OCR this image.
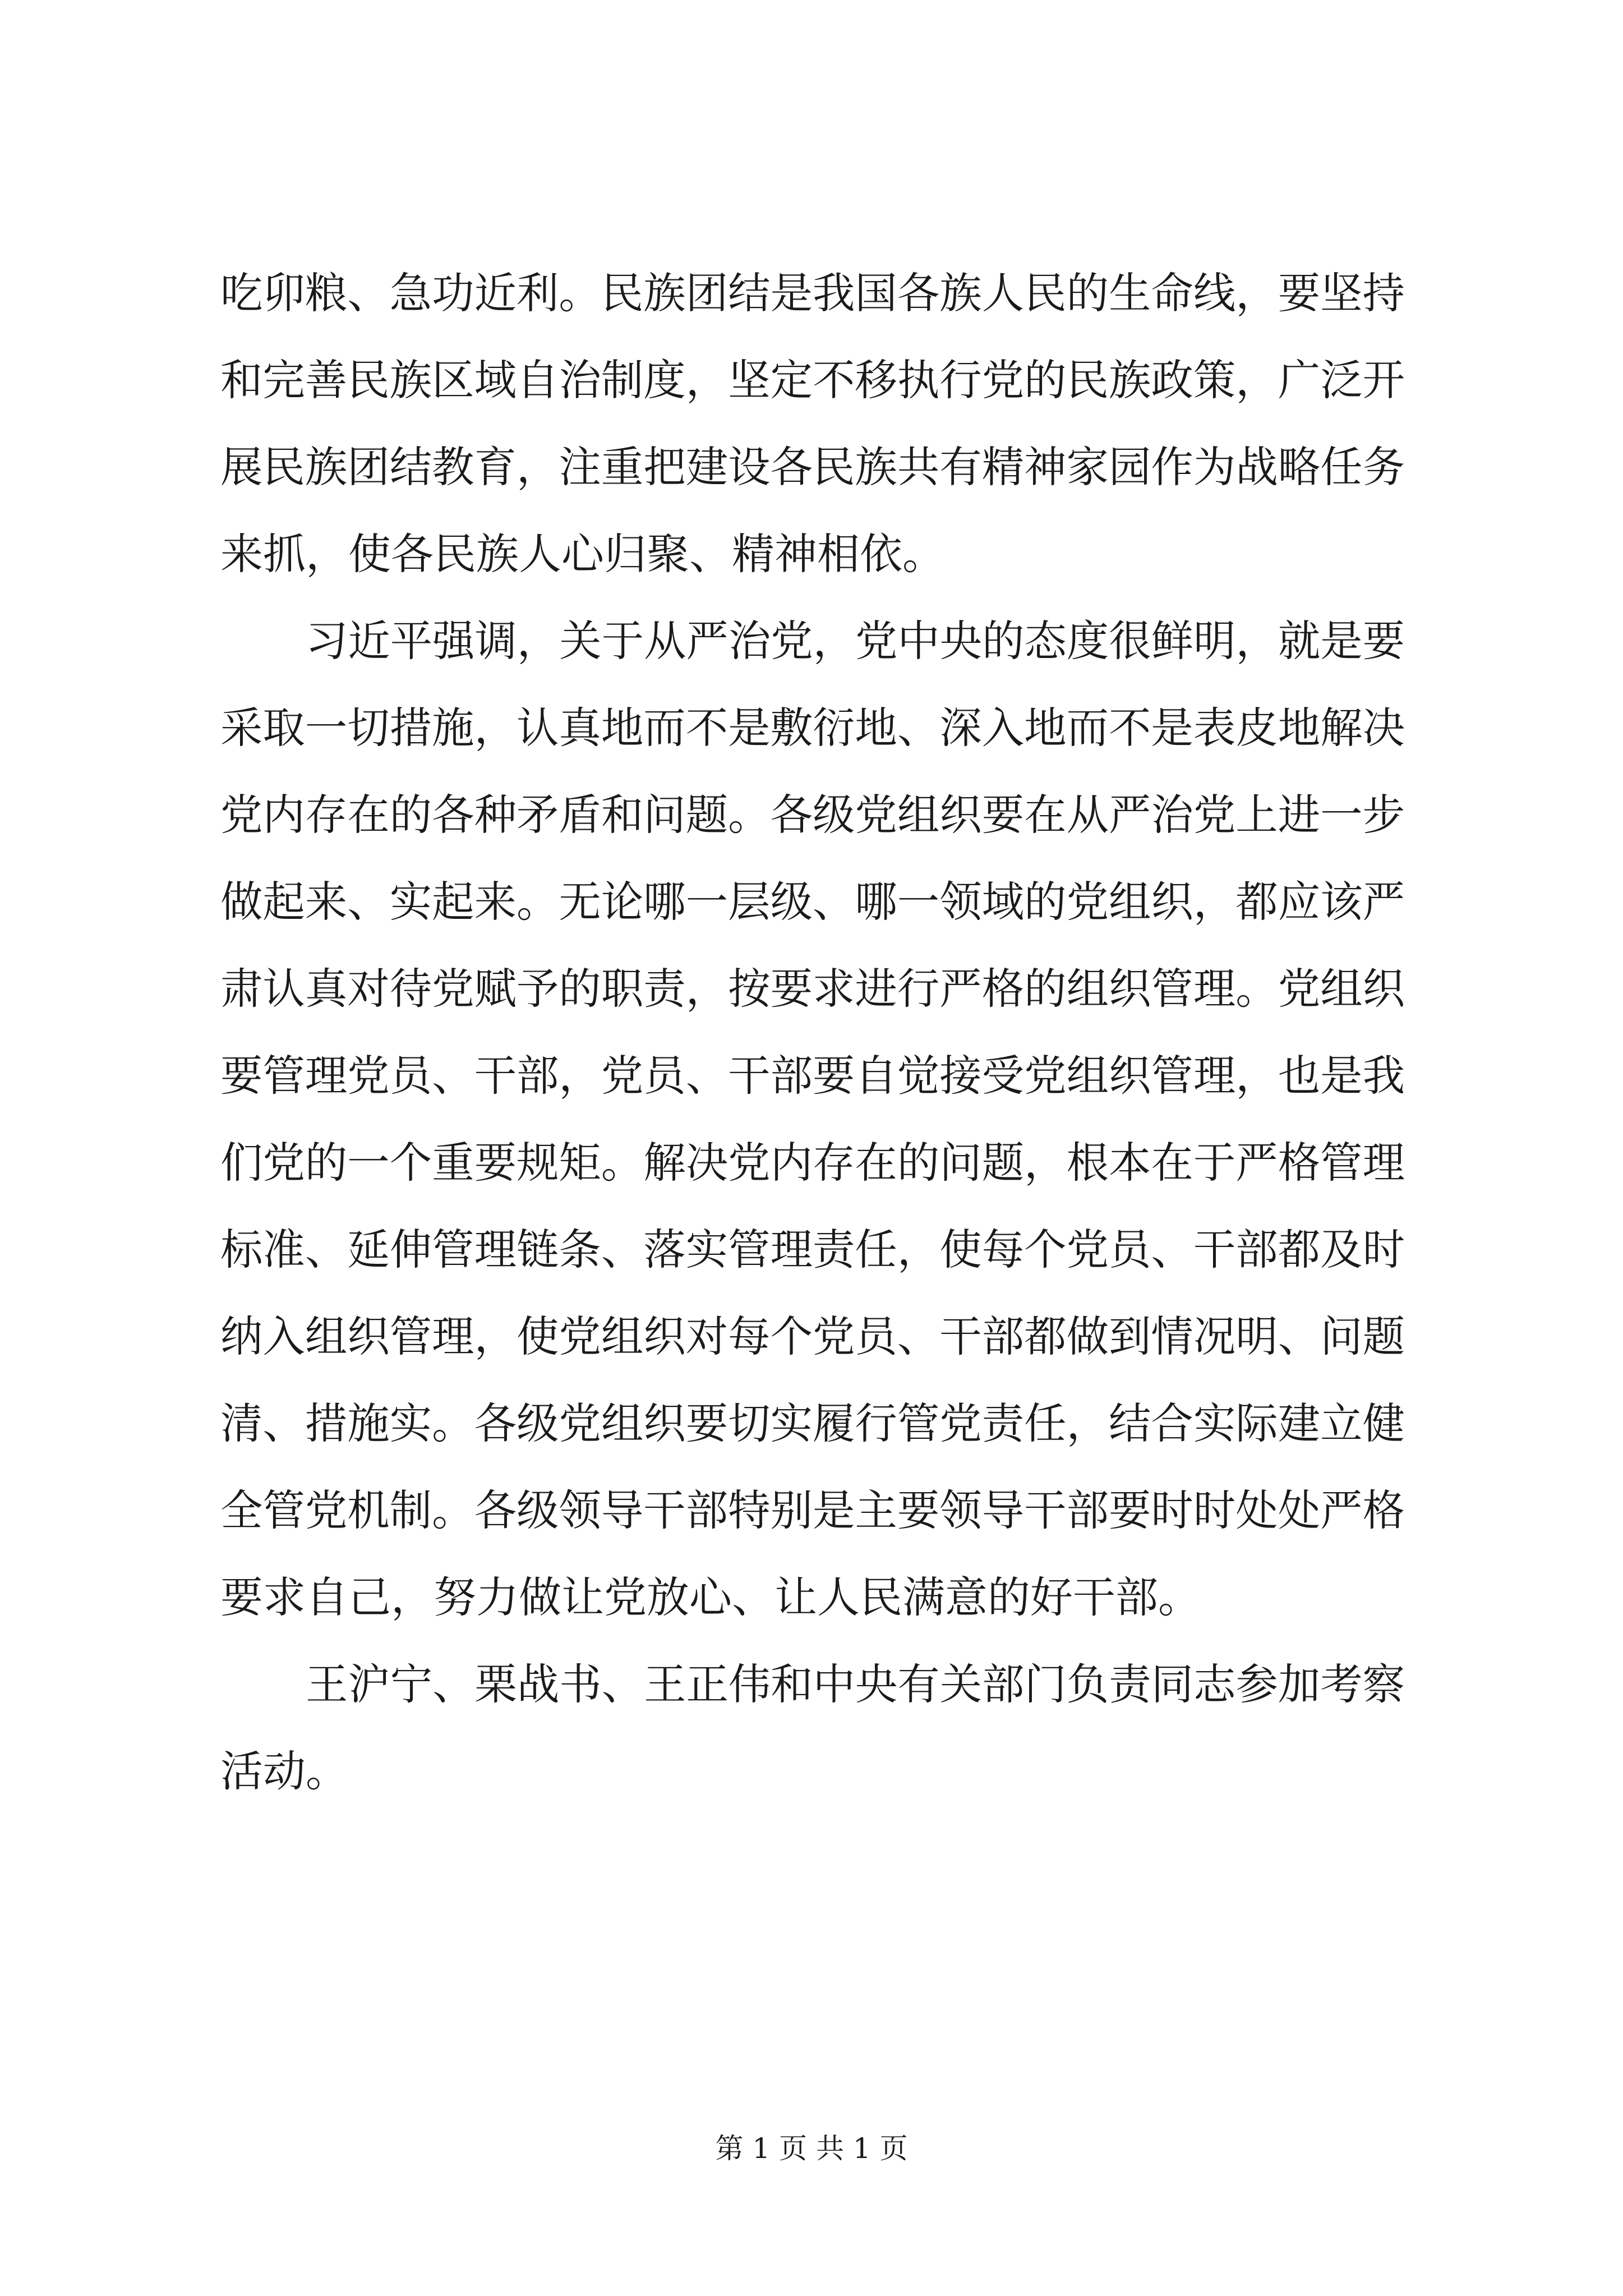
吃卯粮、急功近利。民族团结是我国各族人民的生命线，要坚持
和完善民族区域自治制度，坚定不移执行党的民族政策，广泛开
展民族团结教育，注重把建设各民族共有精神家园作为战略任务
来抓，使各民族人心归聚、精神相依。
习近平强调，关于从严治党，党中央的态度很鲜明，就是要
采取一切措施，认真地而不是敷衍地、深入地而不是表皮地解决
党内存在的各种矛盾和问题。各级党组织要在从严治党上进一步
做起来、实起来。无论哪一层级、哪一领域的党组织，都应该严
肃认真对待党赋予的职责，按要求进行严格的组织管理。党组织
要管理党员、干部，党员、干部要自觉接受党组织管理，也是我
们党的一个重要规矩。解决党内存在的问题，根本在于严格管理
标准、延伸管理链条、落实管理责任，使每个党员、干部都及时
纳入组织管理，使党组织对每个党员、干部都做到情况明、问题
清、措施实。各级党组织要切实履行管党责任，结合实际建立健
全管党机制。各级领导干部特别是主要领导干部要时时处处严格
要求自己，努力做让党放心、让人民满意的好干部。
王沪宁、栗战书、王正伟和中央有关部门负责同志参加考察
活动。
第 1 页 共 1 页
